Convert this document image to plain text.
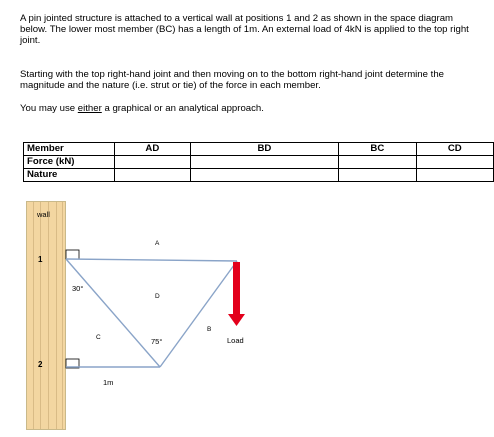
A pin jointed structure is attached to a vertical wall at positions 1 and 2 as shown in the space diagram below. The lower most member (BC) has a length of 1m. An external load of 4kN is applied to the top right joint.

Starting with the top right-hand joint and then moving on to the bottom right-hand joint determine the magnitude and the nature (i.e. strut or tie) of the force in each member.

You may use either a graphical or an analytical approach.

Member	AD	BD	BC	CD
Force (kN)				
Nature				
wall
1
2
30°
75°
A
B
C
D
1m
Load
